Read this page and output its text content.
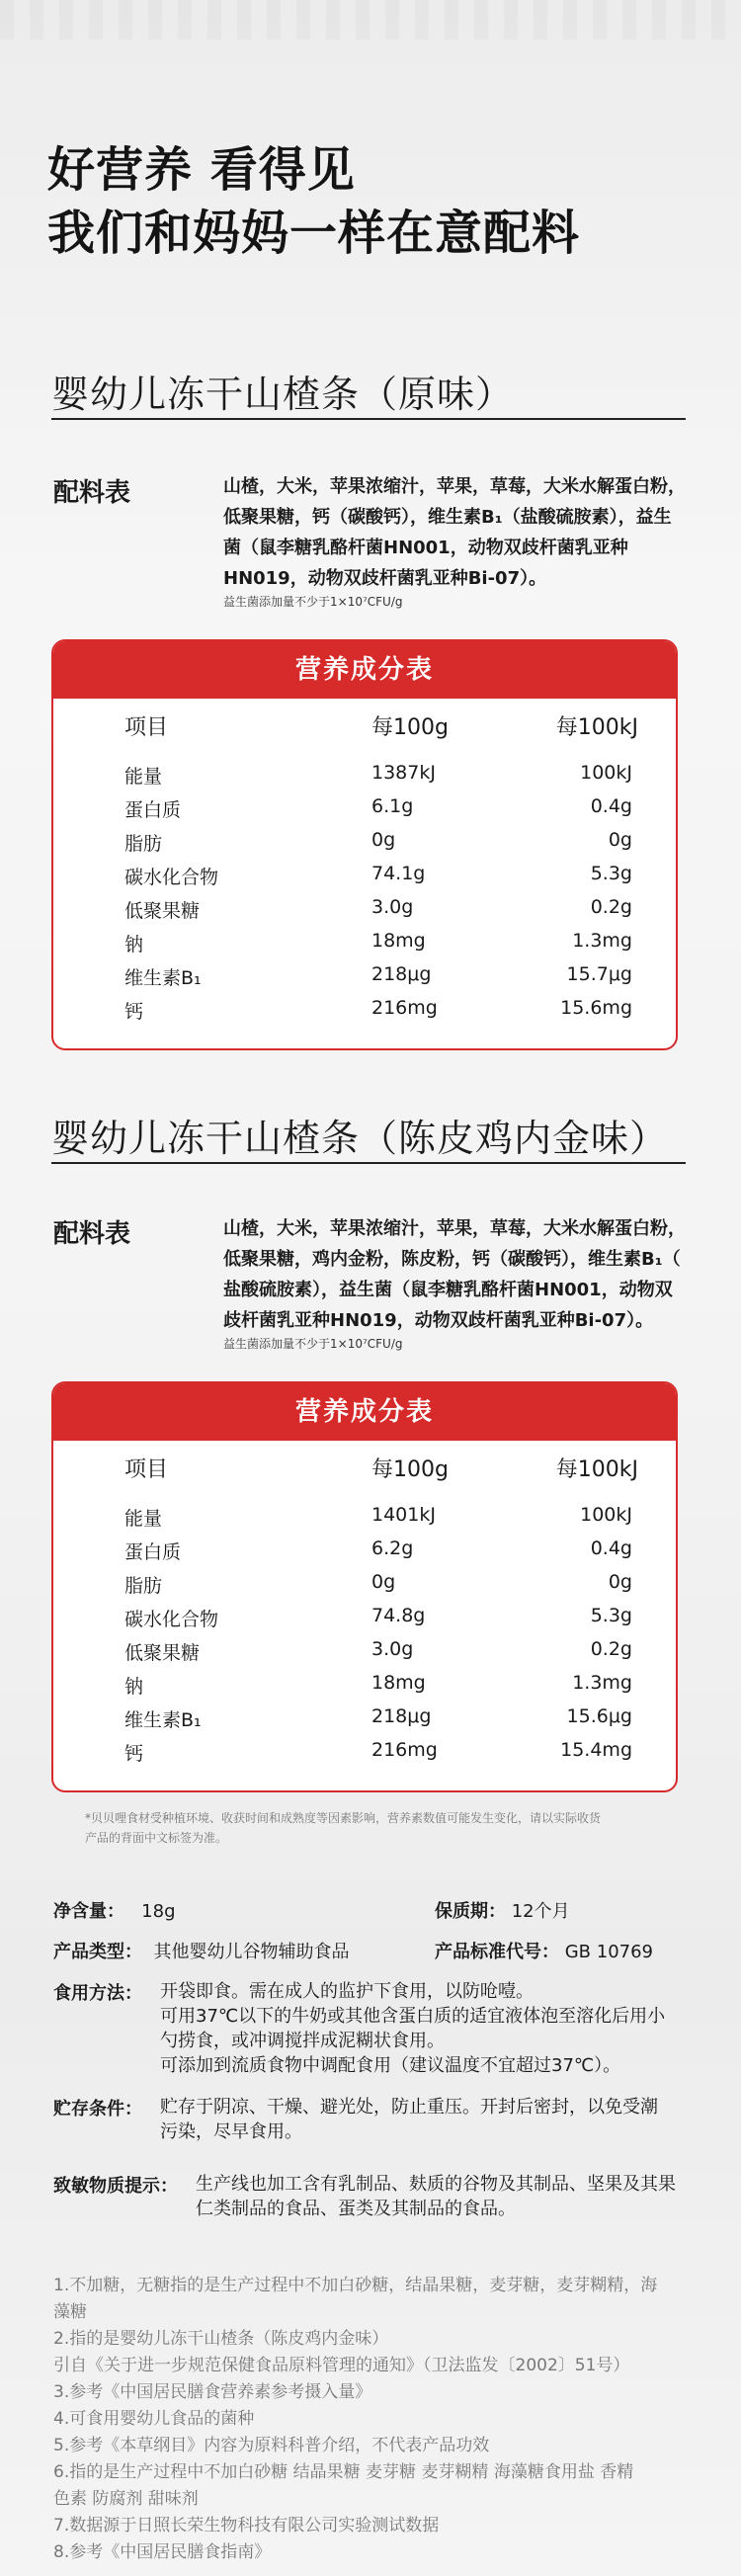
好营养 看得见
我们和妈妈一样在意配料
婴幼儿冻干山楂条（原味）
配料表	山楂，大米，苹果浓缩汁，苹果，草莓，大米水解蛋白粉，
低聚果糖，钙（碳酸钙），维生素B₁（盐酸硫胺素），益生
菌（鼠李糖乳酪杆菌HN001，动物双歧杆菌乳亚种
HN019，动物双歧杆菌乳亚种Bi-07）。
益生菌添加量不少于1×10⁷CFU/g
营养成分表
项目	每100g	每100kJ
能量	1387kJ	100kJ
蛋白质	6.1g	0.4g
脂肪	0g	0g
碳水化合物	74.1g	5.3g
低聚果糖	3.0g	0.2g
钠	18mg	1.3mg
维生素B₁	218μg	15.7μg
钙	216mg	15.6mg
婴幼儿冻干山楂条（陈皮鸡内金味）
配料表	山楂，大米，苹果浓缩汁，苹果，草莓，大米水解蛋白粉，
低聚果糖，鸡内金粉，陈皮粉，钙（碳酸钙），维生素B₁（
盐酸硫胺素），益生菌（鼠李糖乳酪杆菌HN001，动物双
歧杆菌乳亚种HN019，动物双歧杆菌乳亚种Bi-07）。
益生菌添加量不少于1×10⁷CFU/g
营养成分表
项目	每100g	每100kJ
能量	1401kJ	100kJ
蛋白质	6.2g	0.4g
脂肪	0g	0g
碳水化合物	74.8g	5.3g
低聚果糖	3.0g	0.2g
钠	18mg	1.3mg
维生素B₁	218μg	15.6μg
钙	216mg	15.4mg
*贝贝哩食材受种植环境、收获时间和成熟度等因素影响，营养素数值可能发生变化，请以实际收货
产品的背面中文标签为准。
净含量： 18g	保质期： 12个月
产品类型： 其他婴幼儿谷物辅助食品	产品标准代号： GB 10769
食用方法： 开袋即食。需在成人的监护下食用，以防呛噎。
可用37℃以下的牛奶或其他含蛋白质的适宜液体泡至溶化后用小
勺捞食，或冲调搅拌成泥糊状食用。
可添加到流质食物中调配食用（建议温度不宜超过37℃）。
贮存条件： 贮存于阴凉、干燥、避光处，防止重压。开封后密封，以免受潮
污染，尽早食用。
致敏物质提示： 生产线也加工含有乳制品、麸质的谷物及其制品、坚果及其果
仁类制品的食品、蛋类及其制品的食品。
1.不加糖，无糖指的是生产过程中不加白砂糖，结晶果糖，麦芽糖，麦芽糊精，海
藻糖
2.指的是婴幼儿冻干山楂条（陈皮鸡内金味）
引自《关于进一步规范保健食品原料管理的通知》（卫法监发〔2002〕51号）
3.参考《中国居民膳食营养素参考摄入量》
4.可食用婴幼儿食品的菌种
5.参考《本草纲目》内容为原料科普介绍，不代表产品功效
6.指的是生产过程中不加白砂糖 结晶果糖 麦芽糖 麦芽糊精 海藻糖食用盐 香精
色素 防腐剂 甜味剂
7.数据源于日照长荣生物科技有限公司实验测试数据
8.参考《中国居民膳食指南》
